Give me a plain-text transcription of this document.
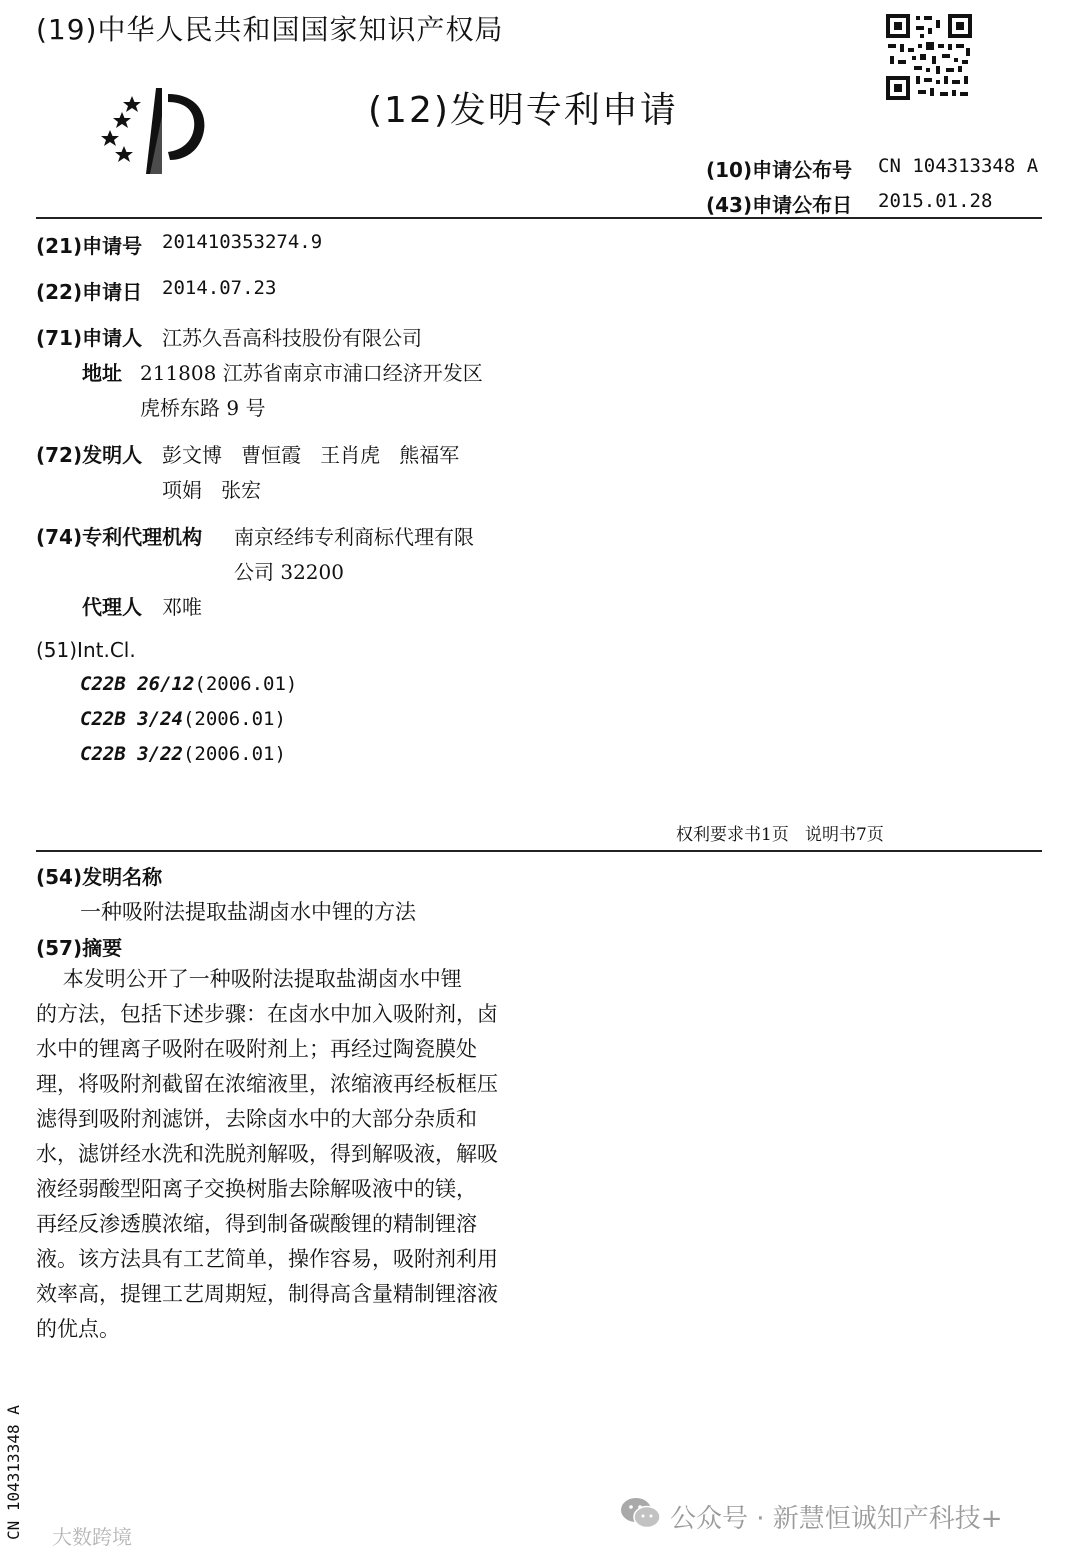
(19)中华人民共和国国家知识产权局
(12)发明专利申请
(10)申请公布号 CN 104313348 A
(43)申请公布日 2015.01.28
(21)申请号 201410353274.9
(22)申请日 2014.07.23
(71)申请人 江苏久吾高科技股份有限公司
地址 211808 江苏省南京市浦口经济开发区
虎桥东路 9 号
(72)发明人 彭文博   曹恒霞   王肖虎   熊福军
项娟   张宏
(74)专利代理机构 南京经纬专利商标代理有限
公司 32200
代理人 邓唯
(51)Int.Cl.
C22B 26/12(2006.01)
C22B 3/24(2006.01)
C22B 3/22(2006.01)
权利要求书1页   说明书7页
(54)发明名称
一种吸附法提取盐湖卤水中锂的方法
(57)摘要
本发明公开了一种吸附法提取盐湖卤水中锂
的方法，包括下述步骤：在卤水中加入吸附剂，卤
水中的锂离子吸附在吸附剂上；再经过陶瓷膜处
理，将吸附剂截留在浓缩液里，浓缩液再经板框压
滤得到吸附剂滤饼，去除卤水中的大部分杂质和
水，滤饼经水洗和洗脱剂解吸，得到解吸液，解吸
液经弱酸型阳离子交换树脂去除解吸液中的镁，
再经反渗透膜浓缩，得到制备碳酸锂的精制锂溶
液。该方法具有工艺简单，操作容易，吸附剂利用
效率高，提锂工艺周期短，制得高含量精制锂溶液
的优点。
CN 104313348 A	公众号 · 新慧恒诚知产科技+
大数跨境
